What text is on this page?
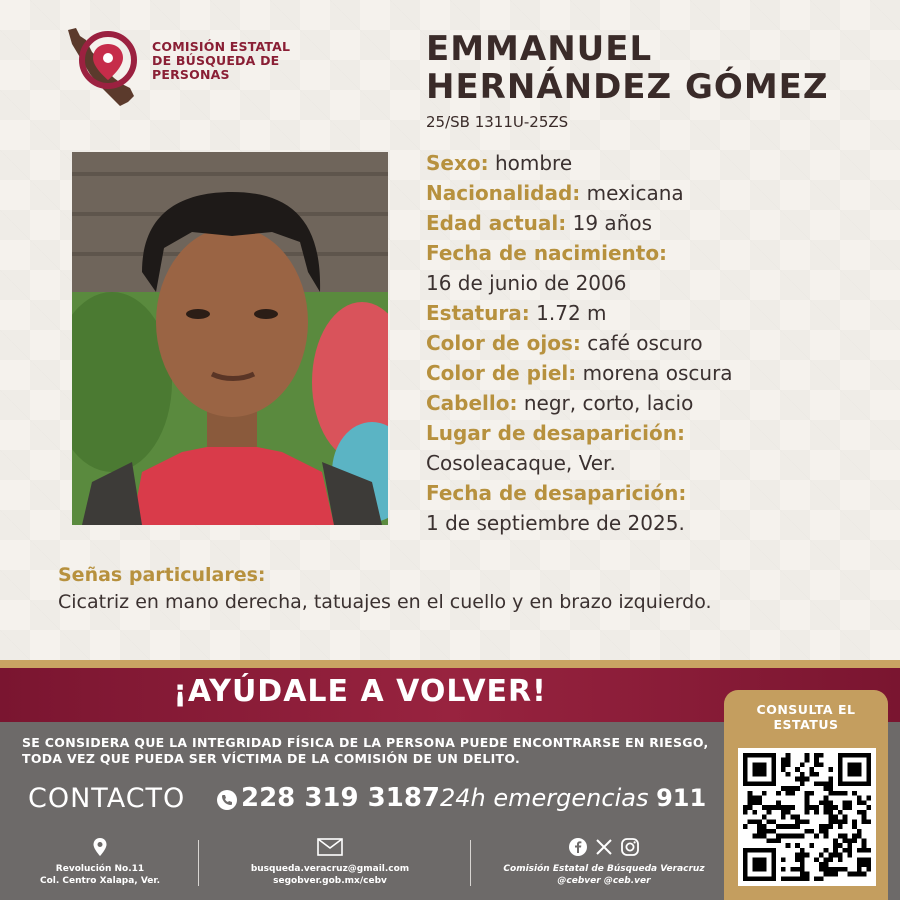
COMISIÓN ESTATAL
DE BÚSQUEDA DE
PERSONAS
EMMANUEL
HERNÁNDEZ GÓMEZ
25/SB 1311U-25ZS
Sexo: hombre
Nacionalidad: mexicana
Edad actual: 19 años
Fecha de nacimiento:
16 de junio de 2006
Estatura: 1.72 m
Color de ojos: café oscuro
Color de piel: morena oscura
Cabello: negr, corto, lacio
Lugar de desaparición:
Cosoleacaque, Ver.
Fecha de desaparición:
1 de septiembre de 2025.
Señas particulares:
Cicatriz en mano derecha, tatuajes en el cuello y en brazo izquierdo.
¡AYÚDALE A VOLVER!
SE CONSIDERA QUE LA INTEGRIDAD FÍSICA DE LA PERSONA PUEDE ENCONTRARSE EN RIESGO,
TODA VEZ QUE PUEDA SER VÍCTIMA DE LA COMISIÓN DE UN DELITO.
CONTACTO 228 319 3187 24h emergencias 911
Revolución No.11
Col. Centro Xalapa, Ver.
busqueda.veracruz@gmail.com
segobver.gob.mx/cebv
Comisión Estatal de Búsqueda Veracruz
@cebver @ceb.ver
CONSULTA EL
ESTATUS
